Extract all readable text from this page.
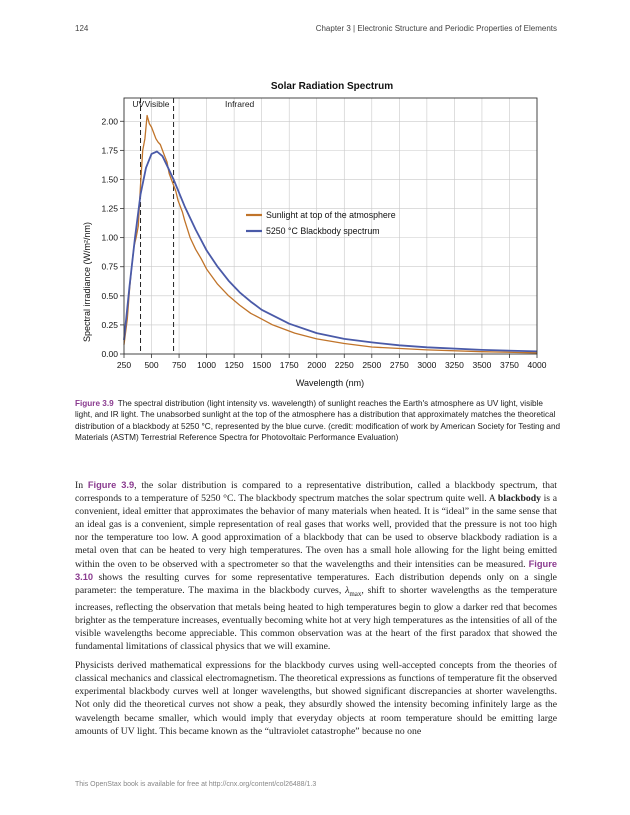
124	Chapter 3 | Electronic Structure and Periodic Properties of Elements
Solar Radiation Spectrum
UV Visible	Infrared
250 500 750 1000 1250 1500 1750 2000 2250 2500 2750 3000 3250 3500 3750 4000
0.00
0.25
0.50
0.75
1.00
1.25
1.50
1.75
2.00
Sunlight at top of the atmosphere
5250 °C Blackbody spectrum
Wavelength (nm)
Spectral irradiance (W/m²/nm)
Figure 3.9 The spectral distribution (light intensity vs. wavelength) of sunlight reaches the Earth's atmosphere as UV light, visible light, and IR light. The unabsorbed sunlight at the top of the atmosphere has a distribution that approximately matches the theoretical distribution of a blackbody at 5250 °C, represented by the blue curve. (credit: modification of work by American Society for Testing and Materials (ASTM) Terrestrial Reference Spectra for Photovoltaic Performance Evaluation)

In Figure 3.9, the solar distribution is compared to a representative distribution, called a blackbody spectrum, that corresponds to a temperature of 5250 °C. The blackbody spectrum matches the solar spectrum quite well. A blackbody is a convenient, ideal emitter that approximates the behavior of many materials when heated. It is “ideal” in the same sense that an ideal gas is a convenient, simple representation of real gases that works well, provided that the pressure is not too high nor the temperature too low. A good approximation of a blackbody that can be used to observe blackbody radiation is a metal oven that can be heated to very high temperatures. The oven has a small hole allowing for the light being emitted within the oven to be observed with a spectrometer so that the wavelengths and their intensities can be measured. Figure 3.10 shows the resulting curves for some representative temperatures. Each distribution depends only on a single parameter: the temperature. The maxima in the blackbody curves, $\lambda_{max}$, shift to shorter wavelengths as the temperature increases, reflecting the observation that metals being heated to high temperatures begin to glow a darker red that becomes brighter as the temperature increases, eventually becoming white hot at very high temperatures as the intensities of all of the visible wavelengths become appreciable. This common observation was at the heart of the first paradox that showed the fundamental limitations of classical physics that we will examine.

Physicists derived mathematical expressions for the blackbody curves using well-accepted concepts from the theories of classical mechanics and classical electromagnetism. The theoretical expressions as functions of temperature fit the observed experimental blackbody curves well at longer wavelengths, but showed significant discrepancies at shorter wavelengths. Not only did the theoretical curves not show a peak, they absurdly showed the intensity becoming infinitely large as the wavelength became smaller, which would imply that everyday objects at room temperature should be emitting large amounts of UV light. This became known as the “ultraviolet catastrophe” because no one

This OpenStax book is available for free at http://cnx.org/content/col26488/1.3
